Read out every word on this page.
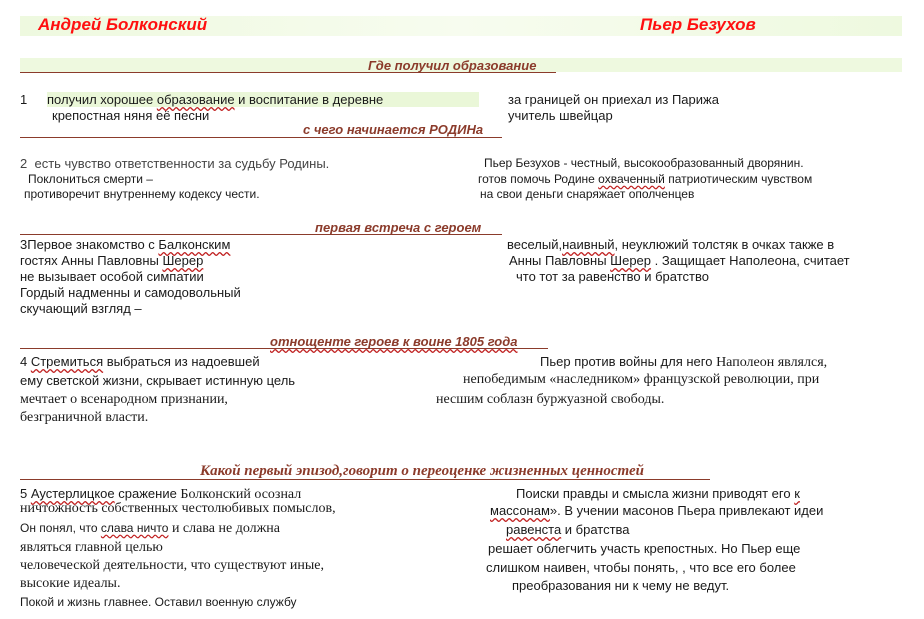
Андрей Болконский	Пьер Безухов
Где получил образование
1 получил хорошее образование и воспитание в деревне
крепостная няня её песни
за границей он приехал из Парижа
учитель швейцар
с чего начинается РОДИНа
2 есть чувство ответственности за судьбу Родины.
Поклониться смерти –
противоречит внутреннему кодексу чести.
Пьер Безухов - честный, высокообразованный дворянин.
готов помочь Родине охваченный патриотическим чувством
на свои деньги снаряжает ополченцев
первая встреча с героем
3Первое знакомство с Балконским
гостях Анны Павловны Шерер
не вызывает особой симпатии
Гордый надменны и самодовольный
скучающий взгляд –
веселый,наивный, неуклюжий толстяк в очках также в
Анны Павловны Шерер . Защищает Наполеона, считает
что тот за равенство и братство
отнощенте героев к воине 1805 года
4 Стремиться выбраться из надоевшей
ему светской жизни, скрывает истинную цель
мечтает о всенародном признании,
безграничной власти.
Пьер против войны для него Наполеон являлся,
непобедимым «наследником» французской революции, при
несшим соблазн буржуазной свободы.
Какой первый эпизод,говорит о переоценке жизненных ценностей
5 Аустерлицкое сражение Болконский осознал
ничтожность собственных честолюбивых помыслов,
Он понял, что слава ничто и слава не должна
являться главной целью
человеческой деятельности, что существуют иные,
высокие идеалы.
Покой и жизнь главнее. Оставил военную службу
Поиски правды и смысла жизни приводят его к
массонам». В учении масонов Пьера привлекают идеи
равенста и братства
решает облегчить участь крепостных. Но Пьер еще
слишком наивен, чтобы понять, , что все его более
преобразования ни к чему не ведут.
